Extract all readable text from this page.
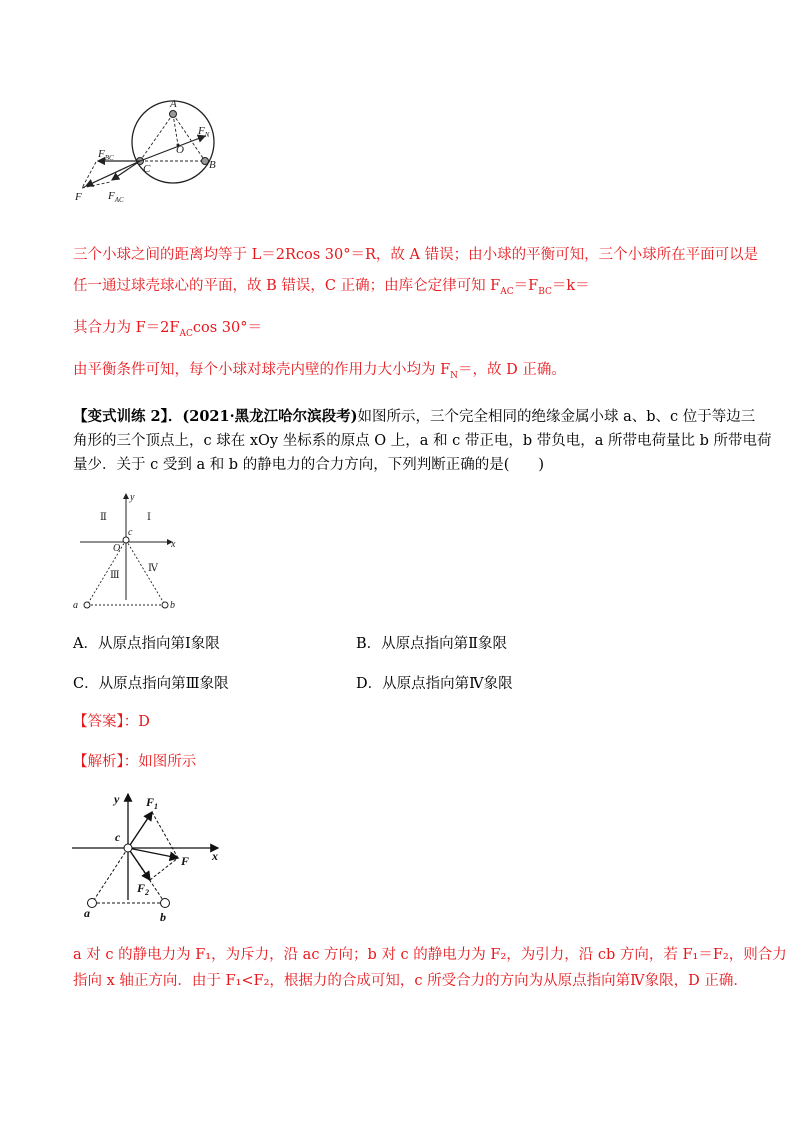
A
O
$F_N$
$F_{BC}$
B
C
F $F_{AC}$
三个小球之间的距离均等于 L＝2Rcos 30°＝R，故 A 错误；由小球的平衡可知，三个小球所在平面可以是
任一通过球壳球心的平面，故 B 错误，C 正确；由库仑定律可知 $F_{AC}=F_{BC}=k=$
其合力为 $F=2F_{AC}\cos$ 30°＝
由平衡条件可知，每个小球对球壳内壁的作用力大小均为 $F_N=$，故 D 正确。
【变式训练 2】．(2021·黑龙江哈尔滨段考)如图所示，三个完全相同的绝缘金属小球 a、b、c 位于等边三
角形的三个顶点上，c 球在 xOy 坐标系的原点 O 上，a 和 c 带正电，b 带负电，a 所带电荷量比 b 所带电荷
量少．关于 c 受到 a 和 b 的静电力的合力方向，下列判断正确的是(　　)
y
x
c
O
Ⅰ
Ⅱ
Ⅲ
Ⅳ
a	b
A．从原点指向第Ⅰ象限	B．从原点指向第Ⅱ象限
C．从原点指向第Ⅲ象限	D．从原点指向第Ⅳ象限
【答案】：D
【解析】：如图所示
y
x
$F_1$
F
$F_2$
c
a	b
a 对 c 的静电力为 F₁，为斥力，沿 ac 方向；b 对 c 的静电力为 F₂，为引力，沿 cb 方向，若 F₁＝F₂，则合力
指向 x 轴正方向．由于 F₁<F₂，根据力的合成可知，c 所受合力的方向为从原点指向第Ⅳ象限，D 正确．
